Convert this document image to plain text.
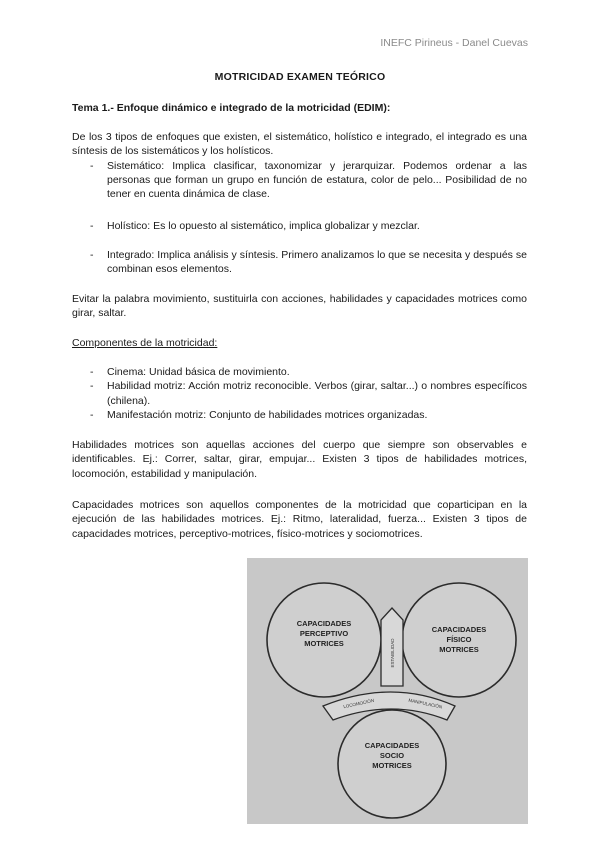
INEFC Pirineus - Danel Cuevas
MOTRICIDAD EXAMEN TEÓRICO
Tema 1.- Enfoque dinámico e integrado de la motricidad (EDIM):

De los 3 tipos de enfoques que existen, el sistemático, holístico e integrado, el integrado es una síntesis de los sistemáticos y los holísticos.

- Sistemático: Implica clasificar, taxonomizar y jerarquizar. Podemos ordenar a las personas que forman un grupo en función de estatura, color de pelo... Posibilidad de no tener en cuenta dinámica de clase.
- Holístico: Es lo opuesto al sistemático, implica globalizar y mezclar.
- Integrado: Implica análisis y síntesis. Primero analizamos lo que se necesita y después se combinan esos elementos.

Evitar la palabra movimiento, sustituirla con acciones, habilidades y capacidades motrices como girar, saltar.

Componentes de la motricidad:
- Cinema: Unidad básica de movimiento.
- Habilidad motriz: Acción motriz reconocible. Verbos (girar, saltar...) o nombres específicos (chilena).
- Manifestación motriz: Conjunto de habilidades motrices organizadas.

Habilidades motrices son aquellas acciones del cuerpo que siempre son observables e identificables. Ej.: Correr, saltar, girar, empujar... Existen 3 tipos de habilidades motrices, locomoción, estabilidad y manipulación.

Capacidades motrices son aquellos componentes de la motricidad que coparticipan en la ejecución de las habilidades motrices. Ej.: Ritmo, lateralidad, fuerza... Existen 3 tipos de capacidades motrices, perceptivo-motrices, físico-motrices y sociomotrices.

CAPACIDADES
PERCEPTIVO
MOTRICES
CAPACIDADES
FÍSICO
MOTRICES
CAPACIDADES
SOCIO
MOTRICES
ESTABILIDAD
LOCOMOCIÓN	MANIPULACIÓN
